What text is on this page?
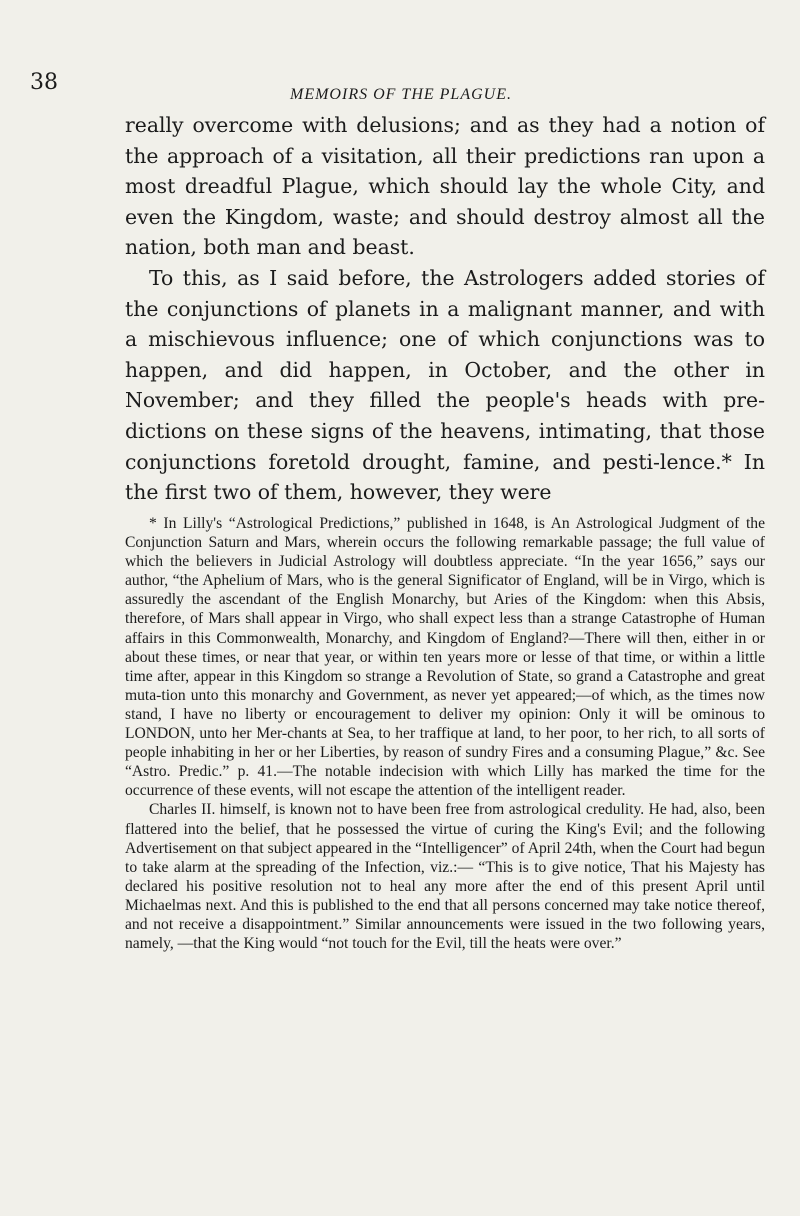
38	MEMOIRS OF THE PLAGUE.

really overcome with delusions; and as they had a notion of the approach of a visitation, all their predictions ran upon a most dreadful Plague, which should lay the whole City, and even the Kingdom, waste; and should destroy almost all the nation, both man and beast.

To this, as I said before, the Astrologers added stories of the conjunctions of planets in a malignant manner, and with a mischievous influence; one of which conjunctions was to happen, and did happen, in October, and the other in November; and they filled the people's heads with pre-dictions on these signs of the heavens, intimating, that those conjunctions foretold drought, famine, and pesti-lence.* In the first two of them, however, they were

* In Lilly's “Astrological Predictions,” published in 1648, is An Astrological Judgment of the Conjunction Saturn and Mars, wherein occurs the following remarkable passage; the full value of which the believers in Judicial Astrology will doubtless appreciate. “In the year 1656,” says our author, “the Aphelium of Mars, who is the general Significator of England, will be in Virgo, which is assuredly the ascendant of the English Monarchy, but Aries of the Kingdom: when this Absis, therefore, of Mars shall appear in Virgo, who shall expect less than a strange Catastrophe of Human affairs in this Commonwealth, Monarchy, and Kingdom of England?—There will then, either in or about these times, or near that year, or within ten years more or lesse of that time, or within a little time after, appear in this Kingdom so strange a Revolution of State, so grand a Catastrophe and great muta-tion unto this monarchy and Government, as never yet appeared;—of which, as the times now stand, I have no liberty or encouragement to deliver my opinion: Only it will be ominous to LONDON, unto her Mer-chants at Sea, to her traffique at land, to her poor, to her rich, to all sorts of people inhabiting in her or her Liberties, by reason of sundry Fires and a consuming Plague,” &c. See “Astro. Predic.” p. 41.—The notable indecision with which Lilly has marked the time for the occurrence of these events, will not escape the attention of the intelligent reader.

Charles II. himself, is known not to have been free from astrological credulity. He had, also, been flattered into the belief, that he possessed the virtue of curing the King's Evil; and the following Advertisement on that subject appeared in the “Intelligencer” of April 24th, when the Court had begun to take alarm at the spreading of the Infection, viz.:— “This is to give notice, That his Majesty has declared his positive resolution not to heal any more after the end of this present April until Michaelmas next. And this is published to the end that all persons concerned may take notice thereof, and not receive a disappointment.” Similar announcements were issued in the two following years, namely, —that the King would “not touch for the Evil, till the heats were over.”
